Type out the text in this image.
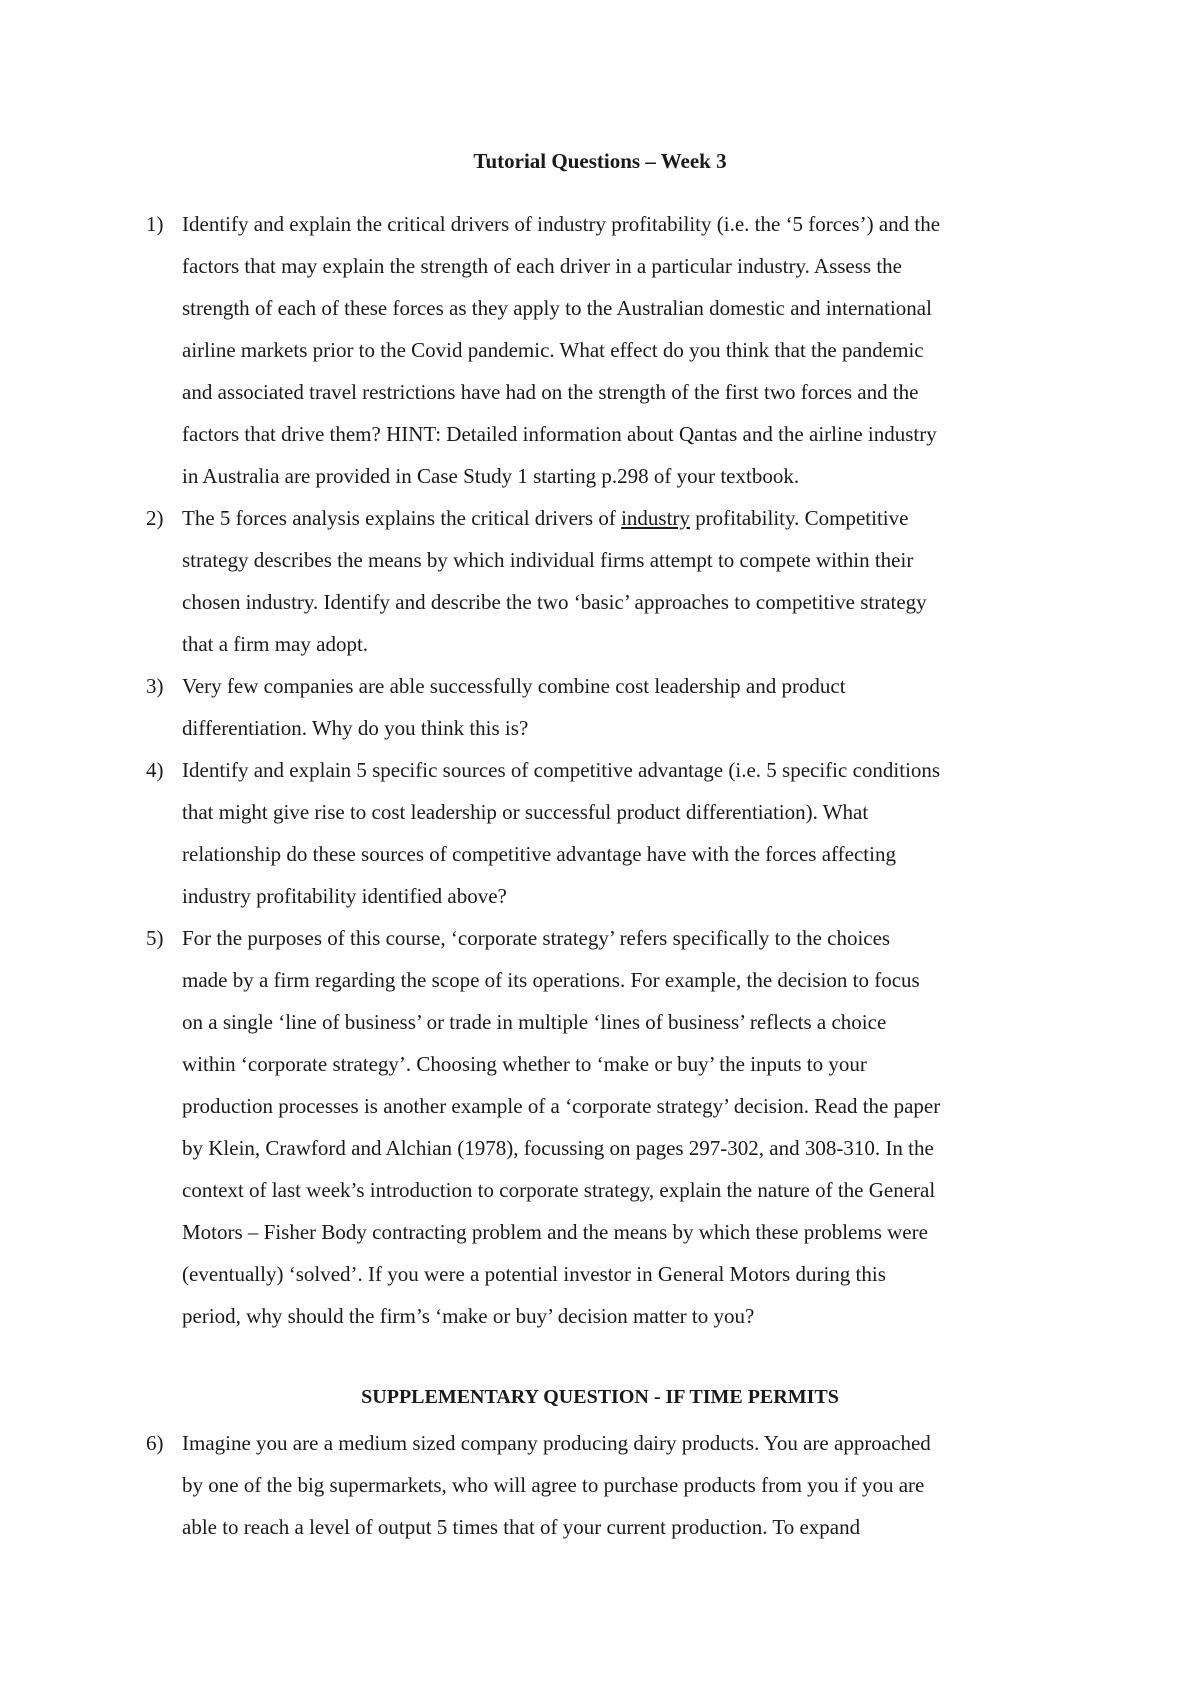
Tutorial Questions – Week 3
1) Identify and explain the critical drivers of industry profitability (i.e. the ‘5 forces’) and the
factors that may explain the strength of each driver in a particular industry. Assess the
strength of each of these forces as they apply to the Australian domestic and international
airline markets prior to the Covid pandemic. What effect do you think that the pandemic
and associated travel restrictions have had on the strength of the first two forces and the
factors that drive them? HINT: Detailed information about Qantas and the airline industry
in Australia are provided in Case Study 1 starting p.298 of your textbook.
2) The 5 forces analysis explains the critical drivers of industry profitability. Competitive
strategy describes the means by which individual firms attempt to compete within their
chosen industry. Identify and describe the two ‘basic’ approaches to competitive strategy
that a firm may adopt.
3) Very few companies are able successfully combine cost leadership and product
differentiation. Why do you think this is?
4) Identify and explain 5 specific sources of competitive advantage (i.e. 5 specific conditions
that might give rise to cost leadership or successful product differentiation). What
relationship do these sources of competitive advantage have with the forces affecting
industry profitability identified above?
5) For the purposes of this course, ‘corporate strategy’ refers specifically to the choices
made by a firm regarding the scope of its operations. For example, the decision to focus
on a single ‘line of business’ or trade in multiple ‘lines of business’ reflects a choice
within ‘corporate strategy’. Choosing whether to ‘make or buy’ the inputs to your
production processes is another example of a ‘corporate strategy’ decision. Read the paper
by Klein, Crawford and Alchian (1978), focussing on pages 297-302, and 308-310. In the
context of last week’s introduction to corporate strategy, explain the nature of the General
Motors – Fisher Body contracting problem and the means by which these problems were
(eventually) ‘solved’. If you were a potential investor in General Motors during this
period, why should the firm’s ‘make or buy’ decision matter to you?
SUPPLEMENTARY QUESTION - IF TIME PERMITS
6) Imagine you are a medium sized company producing dairy products. You are approached
by one of the big supermarkets, who will agree to purchase products from you if you are
able to reach a level of output 5 times that of your current production. To expand
